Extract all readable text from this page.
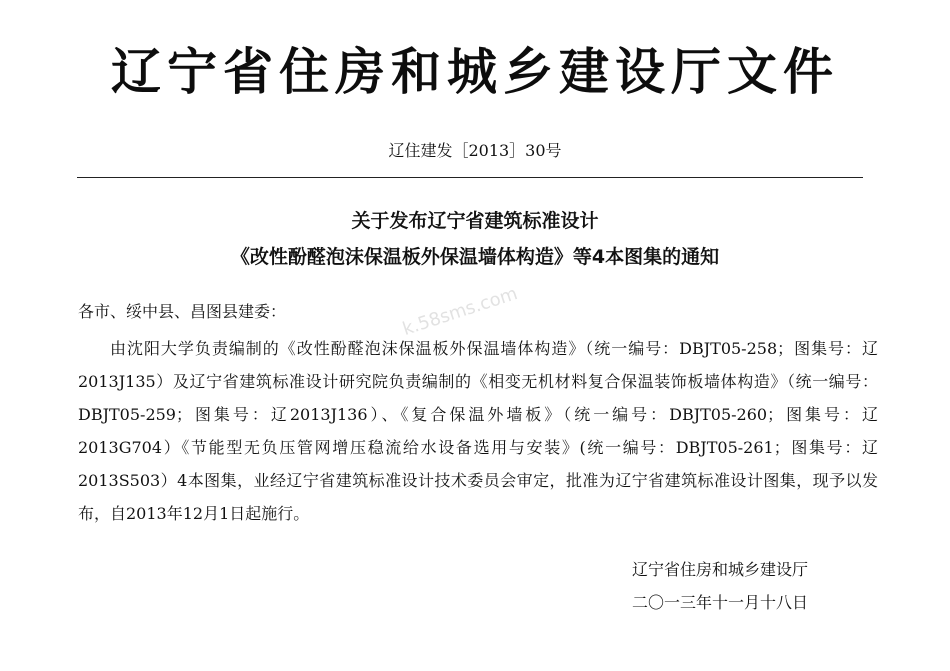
辽宁省住房和城乡建设厅文件
辽住建发［2013］30号
关于发布辽宁省建筑标准设计
《改性酚醛泡沫保温板外保温墙体构造》等4本图集的通知
各市、绥中县、昌图县建委：
由沈阳大学负责编制的《改性酚醛泡沫保温板外保温墙体构造》（统一编号：DBJT05-258；图集号：辽2013J135）及辽宁省建筑标准设计研究院负责编制的《相变无机材料复合保温装饰板墙体构造》（统一编号：DBJT05-259；图集号：辽2013J136）、《复合保温外墙板》（统一编号：DBJT05-260；图集号：辽2013G704）《节能型无负压管网增压稳流给水设备选用与安装》(统一编号：DBJT05-261；图集号：辽2013S503）4本图集，业经辽宁省建筑标准设计技术委员会审定，批准为辽宁省建筑标准设计图集，现予以发布，自2013年12月1日起施行。
辽宁省住房和城乡建设厅
二〇一三年十一月十八日
k.58sms.com
